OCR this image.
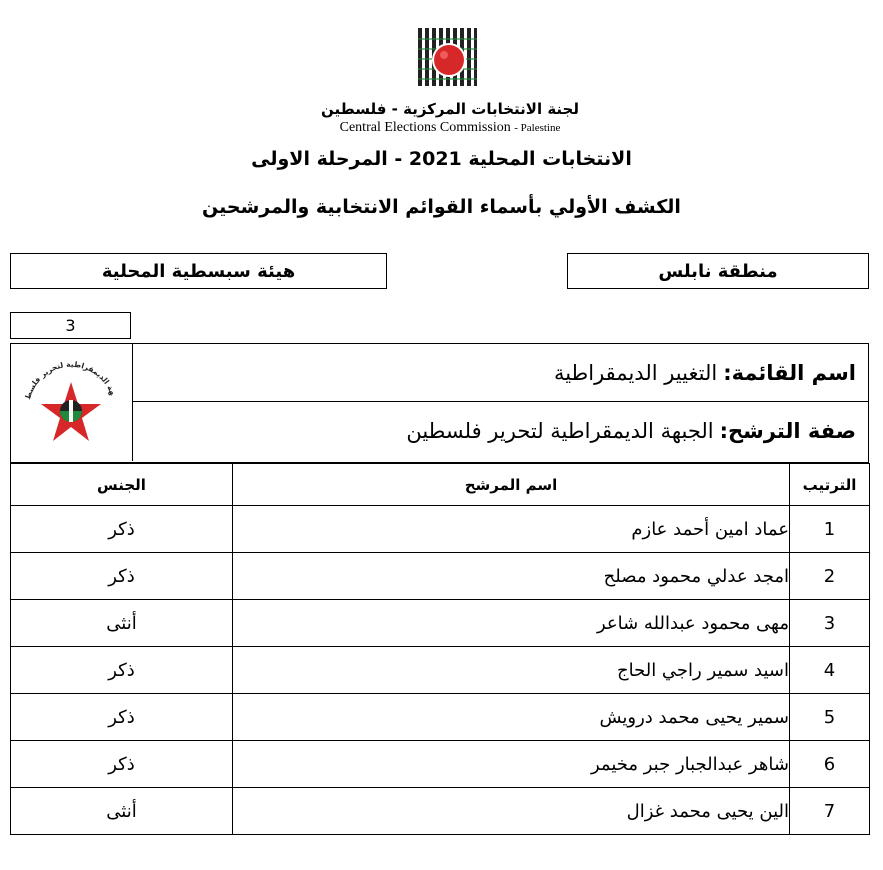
لجنة الانتخابات المركزية - فلسطين
Central Elections Commission - Palestine
الانتخابات المحلية 2021 - المرحلة الاولى
الكشف الأولي بأسماء القوائم الانتخابية والمرشحين
منطقة نابلس
هيئة سبسطية المحلية
3
هة الديمقراطية لتحرير فلسط
اسم القائمة:
التغيير الديمقراطية
صفة الترشح:
الجبهة الديمقراطية لتحرير فلسطين
الترتيب	اسم المرشح	الجنس
1	عماد امين أحمد عازم	ذكر
2	امجد عدلي محمود مصلح	ذكر
3	مهى محمود عبدالله شاعر	أنثى
4	اسيد سمير راجي الحاج	ذكر
5	سمير يحيى محمد درويش	ذكر
6	شاهر عبدالجبار جبر مخيمر	ذكر
7	الين يحيى محمد غزال	أنثى
